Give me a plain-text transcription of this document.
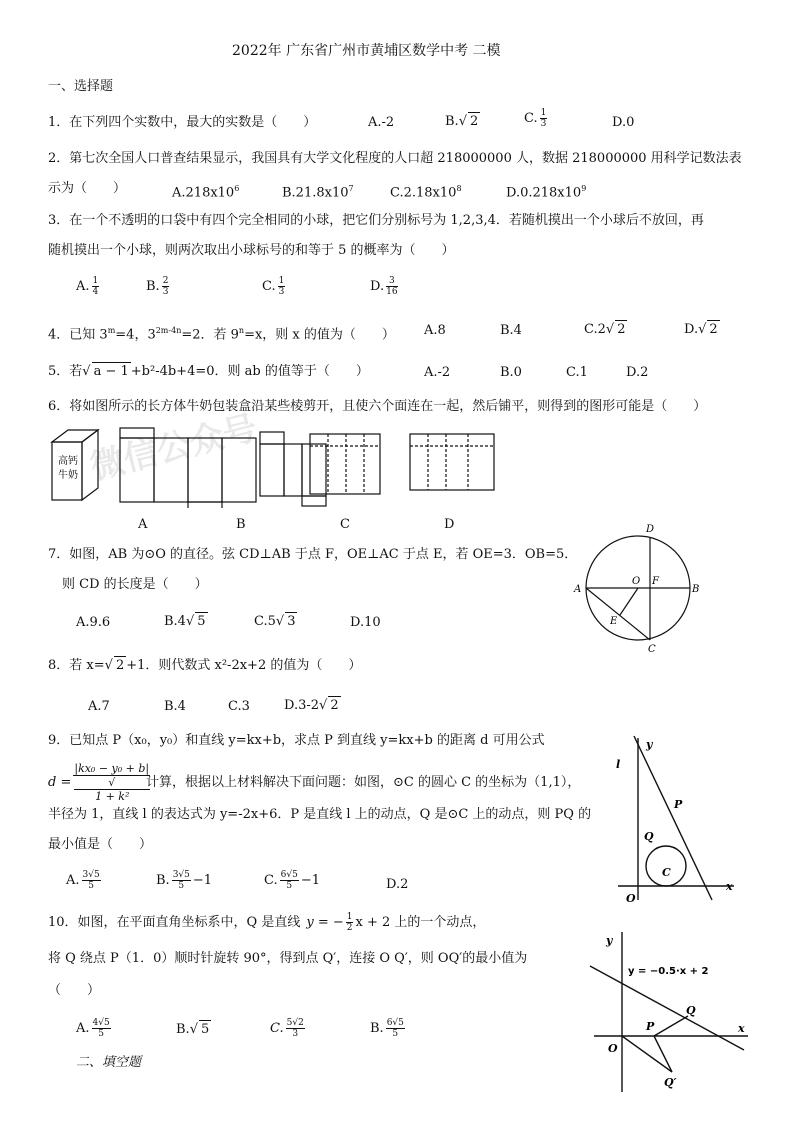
微信公众号
2022年 广东省广州市黄埔区数学中考 二模
一、选择题
1．在下列四个实数中，最大的实数是（　　）	A.-2	B.√ 2	C. $\frac{1}{3}$	D.0
2．第七次全国人口普查结果显示，我国具有大学文化程度的人口超 218000000 人，数据 218000000 用科学记数法表
示为（　　）	$A.218x10^6$	$B.21.8x10^7$	$C.2.18x10^8$	$D.0.218x10^9$
3．在一个不透明的口袋中有四个完全相同的小球，把它们分别标号为 1,2,3,4．若随机摸出一个小球后不放回，再
随机摸出一个小球，则两次取出小球标号的和等于 5 的概率为（　　）
A. $\frac{1}{4}$	B. $\frac{2}{3}$	C. $\frac{1}{3}$	D. $\frac{3}{16}$
4．已知 $3^m=4$，$3^{2m-4n}=2$．若 $9^n=x$，则 x 的值为（　　） A.8	B.4	C.2√ 2	D.√ 2
5．若√ a − 1 +b²-4b+4=0．则 ab 的值等于（　　）	A.-2	B.0	C.1	D.2
6．将如图所示的长方体牛奶包装盒沿某些棱剪开，且使六个面连在一起，然后铺平，则得到的图形可能是（　　）
高钙
牛奶
A	B	C	D
7．如图，AB 为⊙O 的直径。弦 CD⊥AB 于点 F，OE⊥AC 于点 E，若 OE=3．OB=5．
则 CD 的长度是（　　）
A.9.6	B.4√ 5	C.5√ 3	D.10
A	B
C
D
O F
E
8．若 x=√ 2 +1．则代数式 x²-2x+2 的值为（　　）
A.7	B.4	C.3	D.3-2√ 2
9．已知点 P（x₀，y₀）和直线 y=kx+b，求点 P 到直线 y=kx+b 的距离 d 可用公式
d = |kx₀ − y₀ + b|
√
1 + k²
计算，根据以上材料解决下面问题：如图，⊙C 的圆心 C 的坐标为（1,1），
半径为 1，直线 l 的表达式为 y=-2x+6．P 是直线 l 上的动点，Q 是⊙C 上的动点，则 PQ 的
最小值是（　　）
A. $\frac{3√5}{5}$	B. $\frac{3√5}{5} -1$	C. $\frac{6√5}{5} -1$	D.2
y
l
P
Q
C
O
x
10．如图，在平面直角坐标系中，Q 是直线 y = − $\frac{1}{2}$ x + 2 上的一个动点，
将 Q 绕点 P（1．0）顺时针旋转 90°，得到点 Q′，连接 O Q′，则 OQ′的最小值为
（　　）
A. $\frac{4√5}{5}$	B.√ 5	C. $\frac{5√2}{3}$	B. $\frac{6√5}{5}$
二、填空题
y = −0.5·x + 2
y
x
O
P
Q
Q′
